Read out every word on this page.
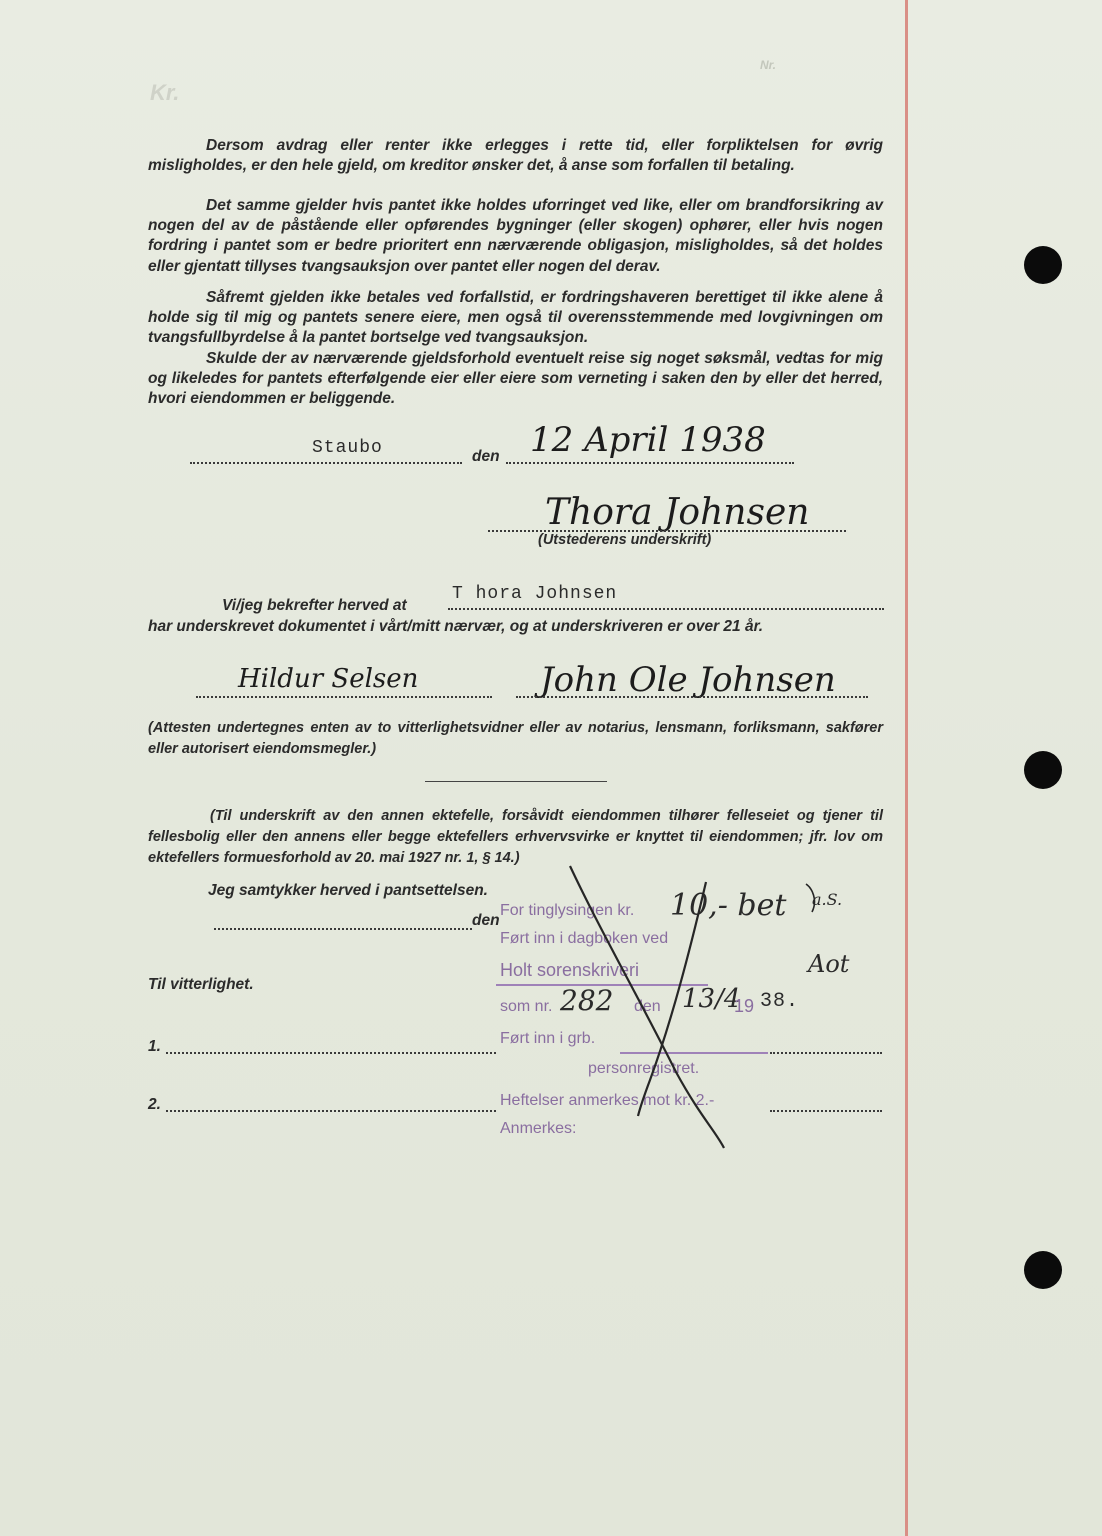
Kr.
Nr.

Dersom avdrag eller renter ikke erlegges i rette tid, eller forpliktelsen for øvrig misligholdes, er den hele gjeld, om kreditor ønsker det, å anse som forfallen til betaling.

Det samme gjelder hvis pantet ikke holdes uforringet ved like, eller om brandforsikring av nogen del av de påstående eller opførendes bygninger (eller skogen) ophører, eller hvis nogen fordring i pantet som er bedre prioritert enn nærværende obligasjon, misligholdes, så det holdes eller gjentatt tillyses tvangsauksjon over pantet eller nogen del derav.

Såfremt gjelden ikke betales ved forfallstid, er fordringshaveren berettiget til ikke alene å holde sig til mig og pantets senere eiere, men også til overensstemmende med lovgivningen om tvangsfullbyrdelse å la pantet bortselge ved tvangsauksjon.

Skulde der av nærværende gjeldsforhold eventuelt reise sig noget søksmål, vedtas for mig og likeledes for pantets efterfølgende eier eller eiere som verneting i saken den by eller det herred, hvori eiendommen er beliggende.

Staubo	den 12 April 1938
Thora Johnsen
(Utstederens underskrift)
Vi/jeg bekrefter herved at
T hora Johnsen
har underskrevet dokumentet i vårt/mitt nærvær, og at underskriveren er over 21 år.
Hildur Selsen	John Ole Johnsen

(Attesten undertegnes enten av to vitterlighetsvidner eller av notarius, lensmann, forliksmann, sakfører eller autorisert eiendomsmegler.)

(Til underskrift av den annen ektefelle, forsåvidt eiendommen tilhører felleseiet og tjener til fellesbolig eller den annens eller begge ektefellers erhvervsvirke er knyttet til eiendommen; jfr. lov om ektefellers formuesforhold av 20. mai 1927 nr. 1, § 14.)

Jeg samtykker herved i pantsettelsen.
den
Til vitterlighet.
1.
2.
For tinglysingen kr. 10,- bet a.S.
Ført inn i dagboken ved
Holt sorenskriveri	Aot
som nr. 282 den 13/4
19 38.
Ført inn i grb.
personregistret.
Heftelser anmerkes mot kr. 2.-
Anmerkes:
